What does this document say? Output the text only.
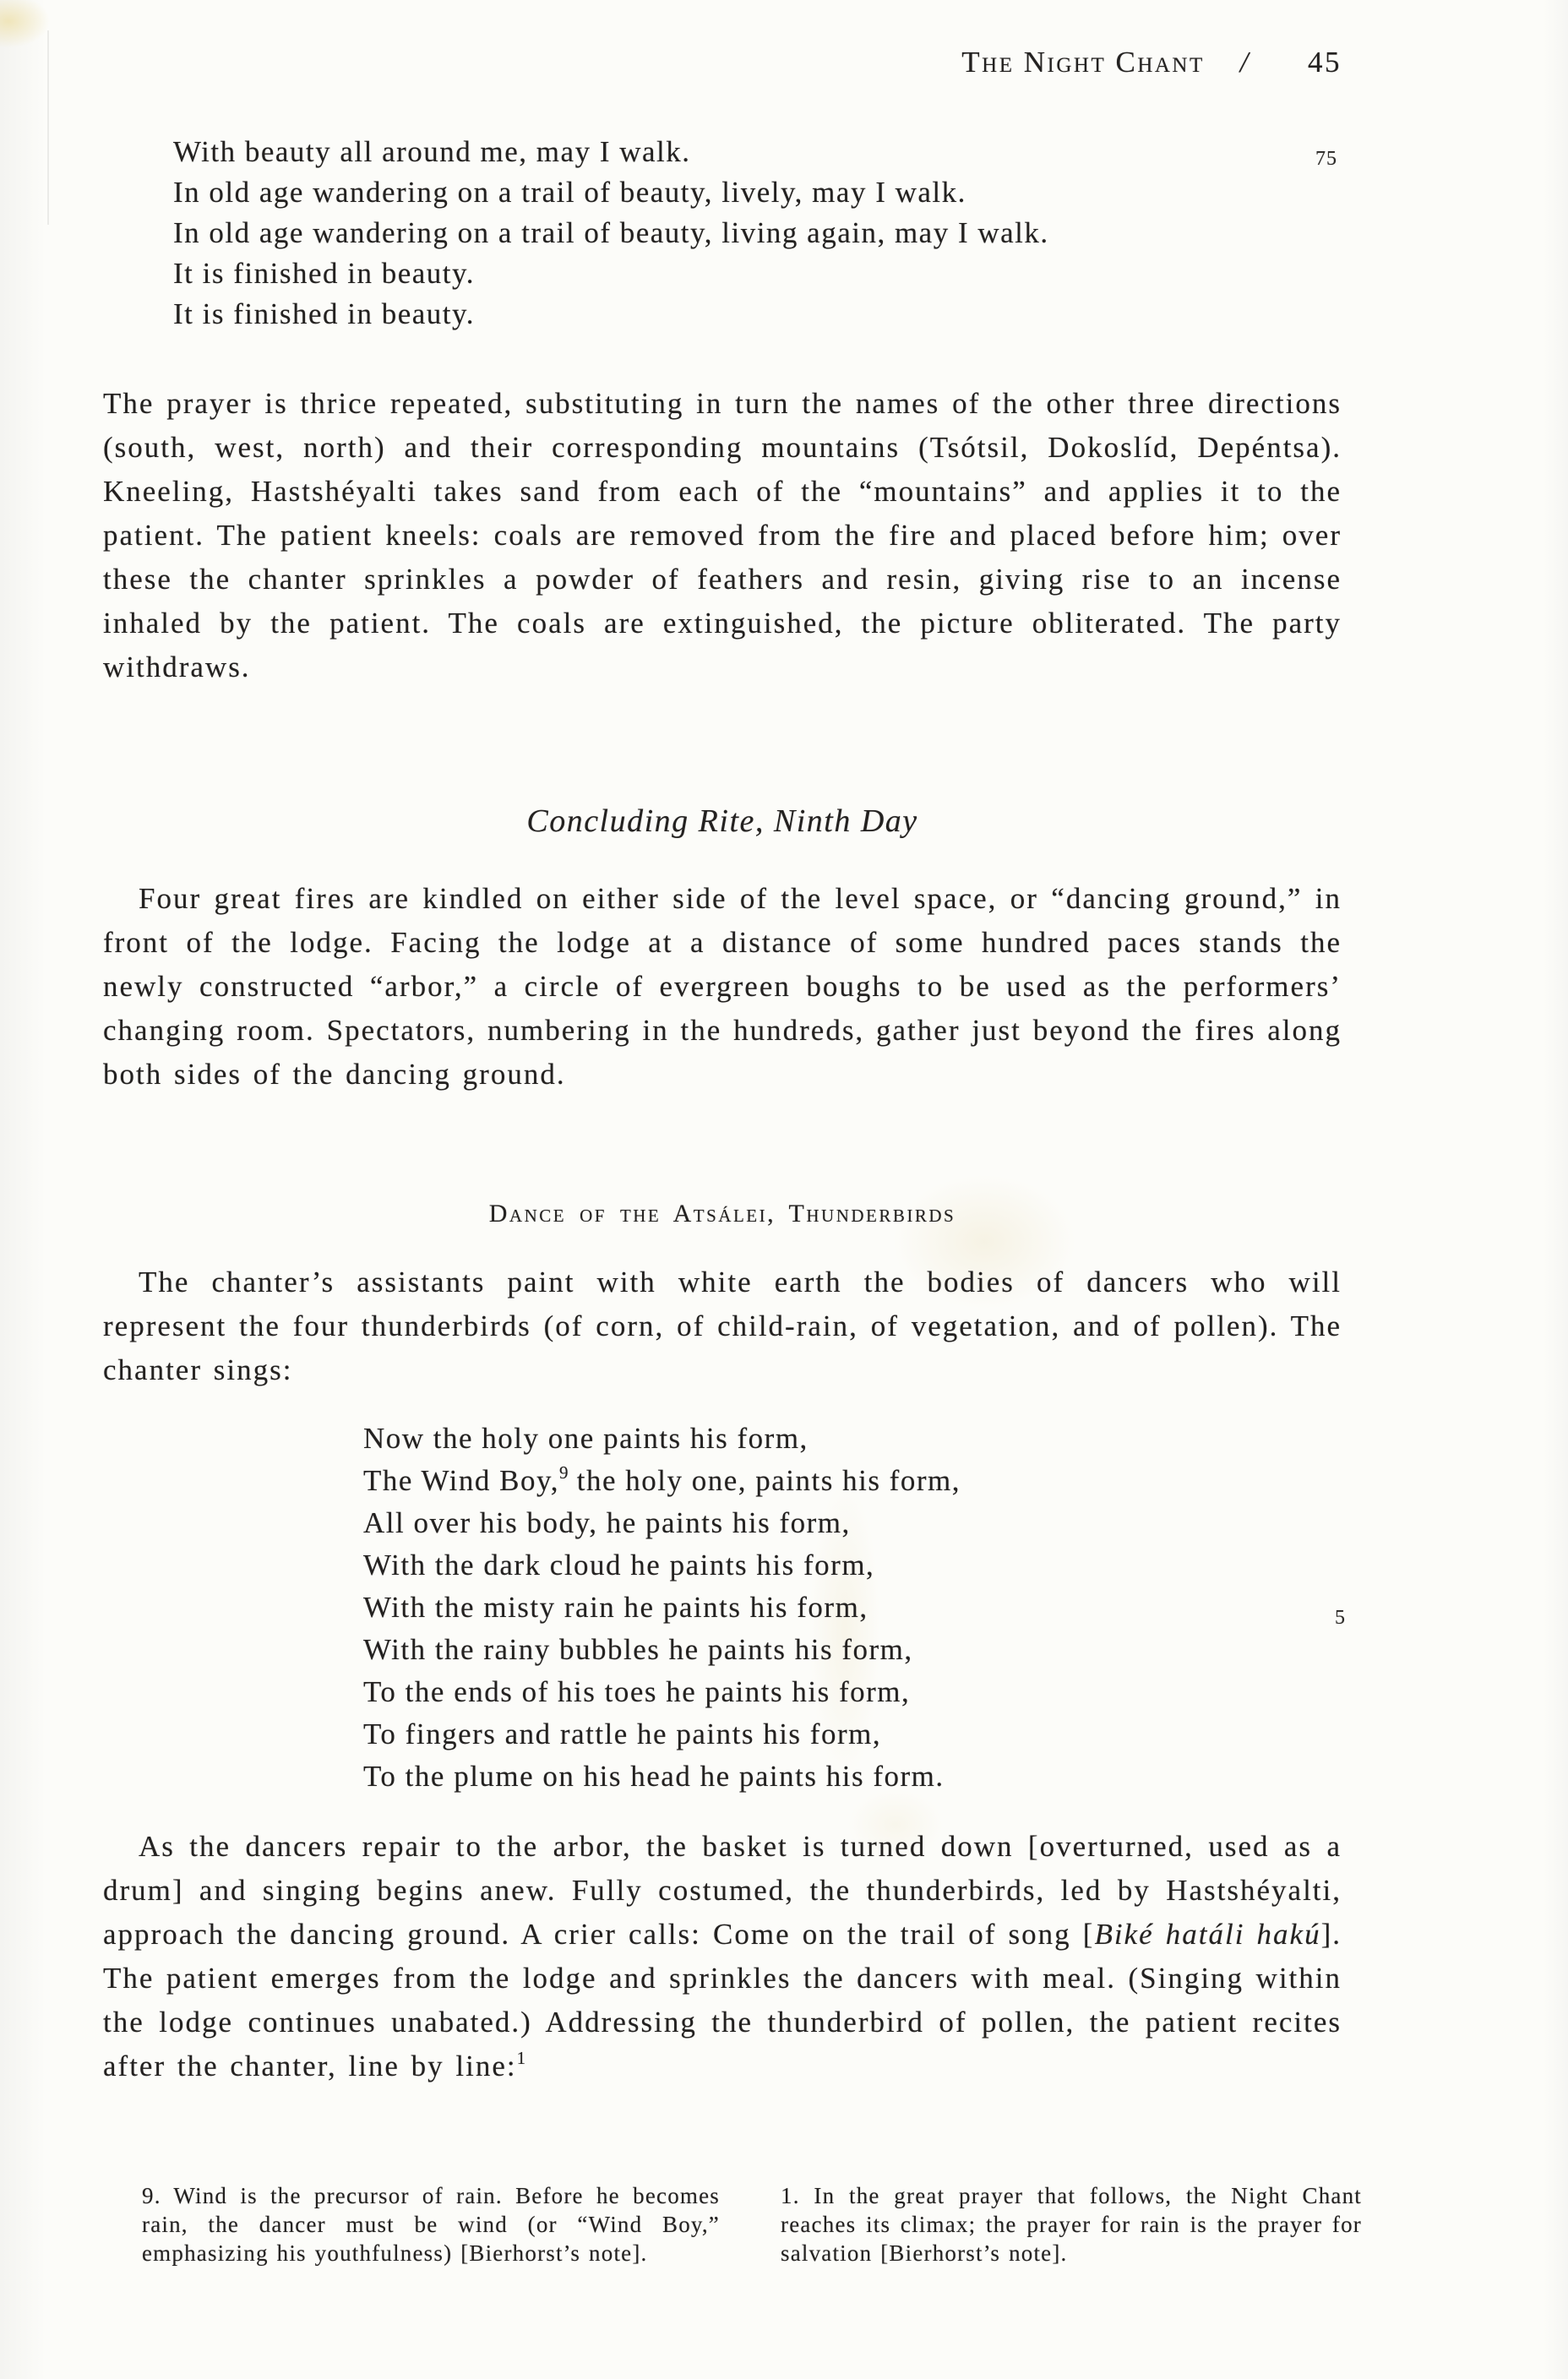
The Night Chant / 45
75
With beauty all around me, may I walk.
In old age wandering on a trail of beauty, lively, may I walk.
In old age wandering on a trail of beauty, living again, may I walk.
It is finished in beauty.
It is finished in beauty.

The prayer is thrice repeated, substituting in turn the names of the other three directions (south, west, north) and their corresponding mountains (Tsótsil, Dokoslíd, Depéntsa). Kneeling, Hastshéyalti takes sand from each of the “mountains” and applies it to the patient. The patient kneels: coals are removed from the fire and placed before him; over these the chanter sprinkles a powder of feathers and resin, giving rise to an incense inhaled by the patient. The coals are extinguished, the picture obliterated. The party withdraws.

Concluding Rite, Ninth Day

Four great fires are kindled on either side of the level space, or “dancing ground,” in front of the lodge. Facing the lodge at a distance of some hundred paces stands the newly constructed “arbor,” a circle of evergreen boughs to be used as the performers’ changing room. Spectators, numbering in the hundreds, gather just beyond the fires along both sides of the dancing ground.

Dance of the Atsálei, Thunderbirds

The chanter’s assistants paint with white earth the bodies of dancers who will represent the four thunderbirds (of corn, of child-rain, of vegetation, and of pollen). The chanter sings:

5
Now the holy one paints his form,
The Wind Boy,$^9$ the holy one, paints his form,
All over his body, he paints his form,
With the dark cloud he paints his form,
With the misty rain he paints his form,
With the rainy bubbles he paints his form,
To the ends of his toes he paints his form,
To fingers and rattle he paints his form,
To the plume on his head he paints his form.

As the dancers repair to the arbor, the basket is turned down [overturned, used as a drum] and singing begins anew. Fully costumed, the thunderbirds, led by Hastshéyalti, approach the dancing ground. A crier calls: Come on the trail of song [Biké hatáli hakú]. The patient emerges from the lodge and sprinkles the dancers with meal. (Singing within the lodge continues unabated.) Addressing the thunderbird of pollen, the patient recites after the chanter, line by line:$^1$

9. Wind is the precursor of rain. Before he becomes rain, the dancer must be wind (or “Wind Boy,” emphasizing his youthfulness) [Bierhorst’s note].

1. In the great prayer that follows, the Night Chant reaches its climax; the prayer for rain is the prayer for salvation [Bierhorst’s note].
